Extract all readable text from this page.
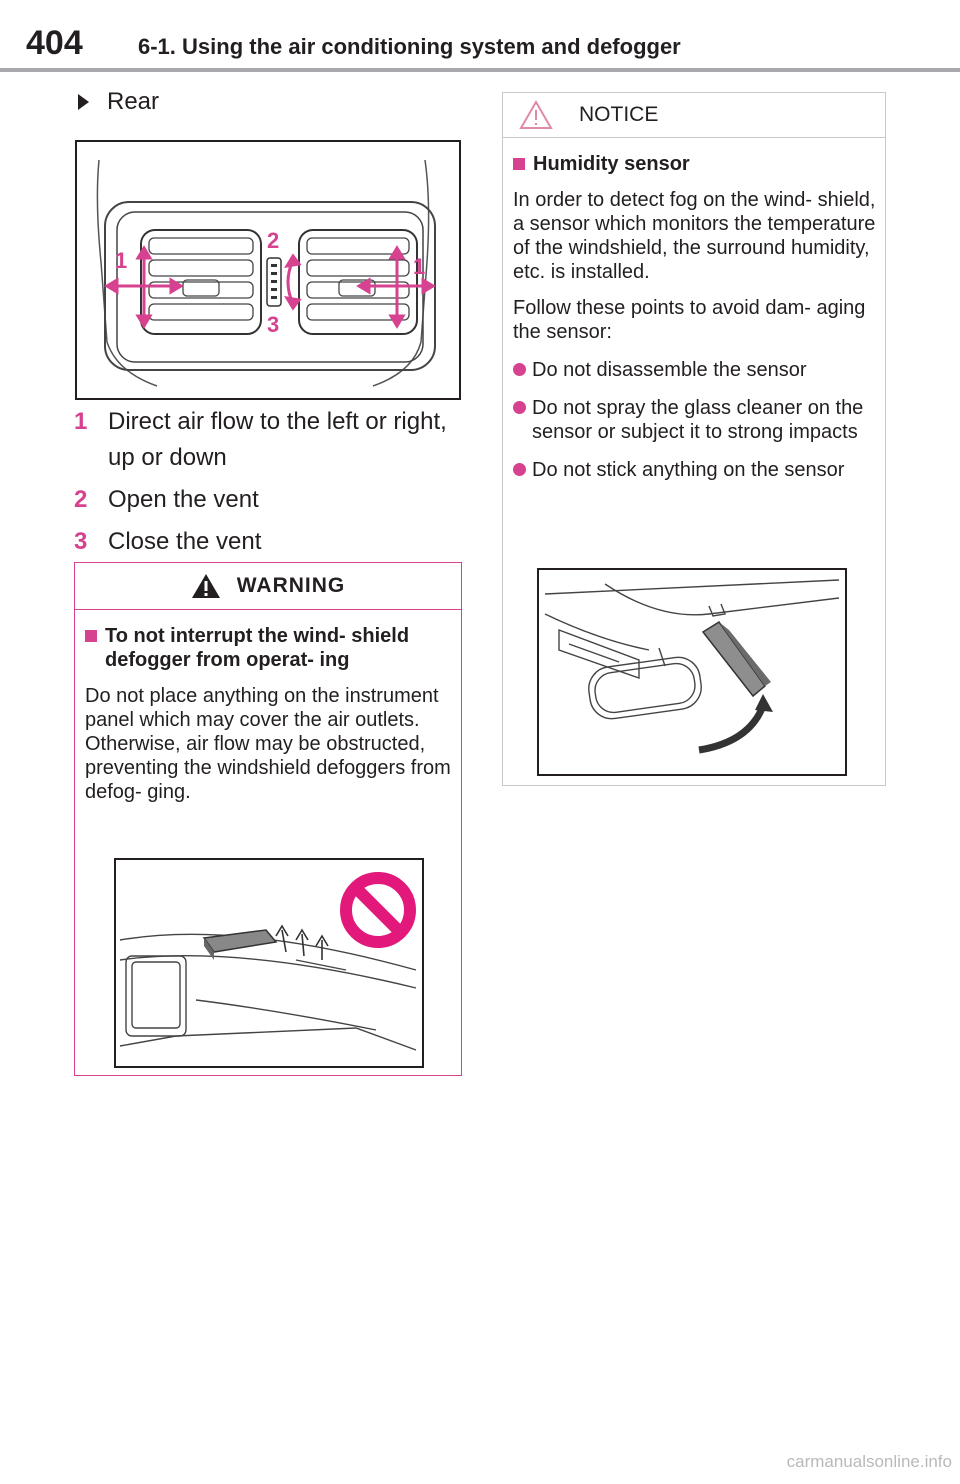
404	6-1. Using the air conditioning system and defogger
Rear
1
2
1
3
1 Direct air flow to the left or right, up or down
2 Open the vent
3 Close the vent
WARNING
To not interrupt the wind- shield defogger from operat- ing
Do not place anything on the instrument panel which may cover the air outlets. Otherwise, air flow may be obstructed, preventing the windshield defoggers from defog- ging.
NOTICE
Humidity sensor
In order to detect fog on the wind- shield, a sensor which monitors the temperature of the windshield, the surround humidity, etc. is installed.
Follow these points to avoid dam- aging the sensor:
Do not disassemble the sensor
Do not spray the glass cleaner on the sensor or subject it to strong impacts
Do not stick anything on the sensor
carmanualsonline.info
